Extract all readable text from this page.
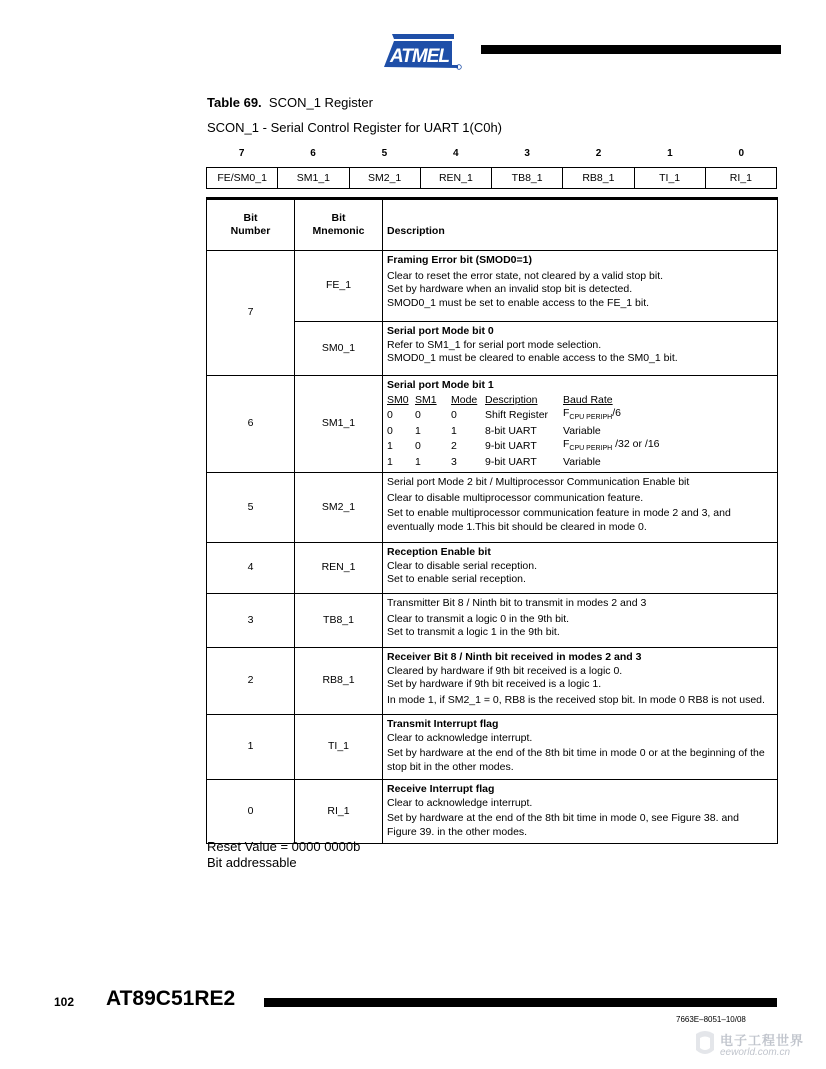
ATMEL
Table 69. SCON_1 Register
SCON_1 - Serial Control Register for UART 1(C0h)
7	6	5	4	3	2	1	0
FE/SM0_1	SM1_1	SM2_1	REN_1	TB8_1	RB8_1	TI_1	RI_1
Bit
Number

Bit
Mnemonic	Description
7	FE_1	
Framing Error bit (SMOD0=1)
Clear to reset the error state, not cleared by a valid stop bit.
Set by hardware when an invalid stop bit is detected.
SMOD0_1 must be set to enable access to the FE_1 bit.

SM0_1	
Serial port Mode bit 0
Refer to SM1_1 for serial port mode selection.
SMOD0_1 must be cleared to enable access to the SM0_1 bit.

6	SM1_1	
Serial port Mode bit 1
SM0	SM1	Mode	Description	Baud Rate
0	0	0	Shift Register	$F_{CPU PERIPH}/6$
0	1	1	8-bit UART	Variable
1	0	2	9-bit UART	$F_{CPU PERIPH}$ /32 or /16
1	1	3	9-bit UART	Variable

5	SM2_1	
Serial port Mode 2 bit / Multiprocessor Communication Enable bit
Clear to disable multiprocessor communication feature.
Set to enable multiprocessor communication feature in mode 2 and 3, and
eventually mode 1.This bit should be cleared in mode 0.

4	REN_1	
Reception Enable bit
Clear to disable serial reception.
Set to enable serial reception.

3	TB8_1	
Transmitter Bit 8 / Ninth bit to transmit in modes 2 and 3
Clear to transmit a logic 0 in the 9th bit.
Set to transmit a logic 1 in the 9th bit.

2	RB8_1	
Receiver Bit 8 / Ninth bit received in modes 2 and 3
Cleared by hardware if 9th bit received is a logic 0.
Set by hardware if 9th bit received is a logic 1.
In mode 1, if SM2_1 = 0, RB8 is the received stop bit. In mode 0 RB8 is not used.

1	TI_1	
Transmit Interrupt flag
Clear to acknowledge interrupt.
Set by hardware at the end of the 8th bit time in mode 0 or at the beginning of the
stop bit in the other modes.

0	RI_1	
Receive Interrupt flag
Clear to acknowledge interrupt.
Set by hardware at the end of the 8th bit time in mode 0, see Figure 38. and
Figure 39. in the other modes.
Reset Value = 0000 0000b
Bit addressable
102 AT89C51RE2
7663E–8051–10/08
电子工程世界
eeworld.com.cn
